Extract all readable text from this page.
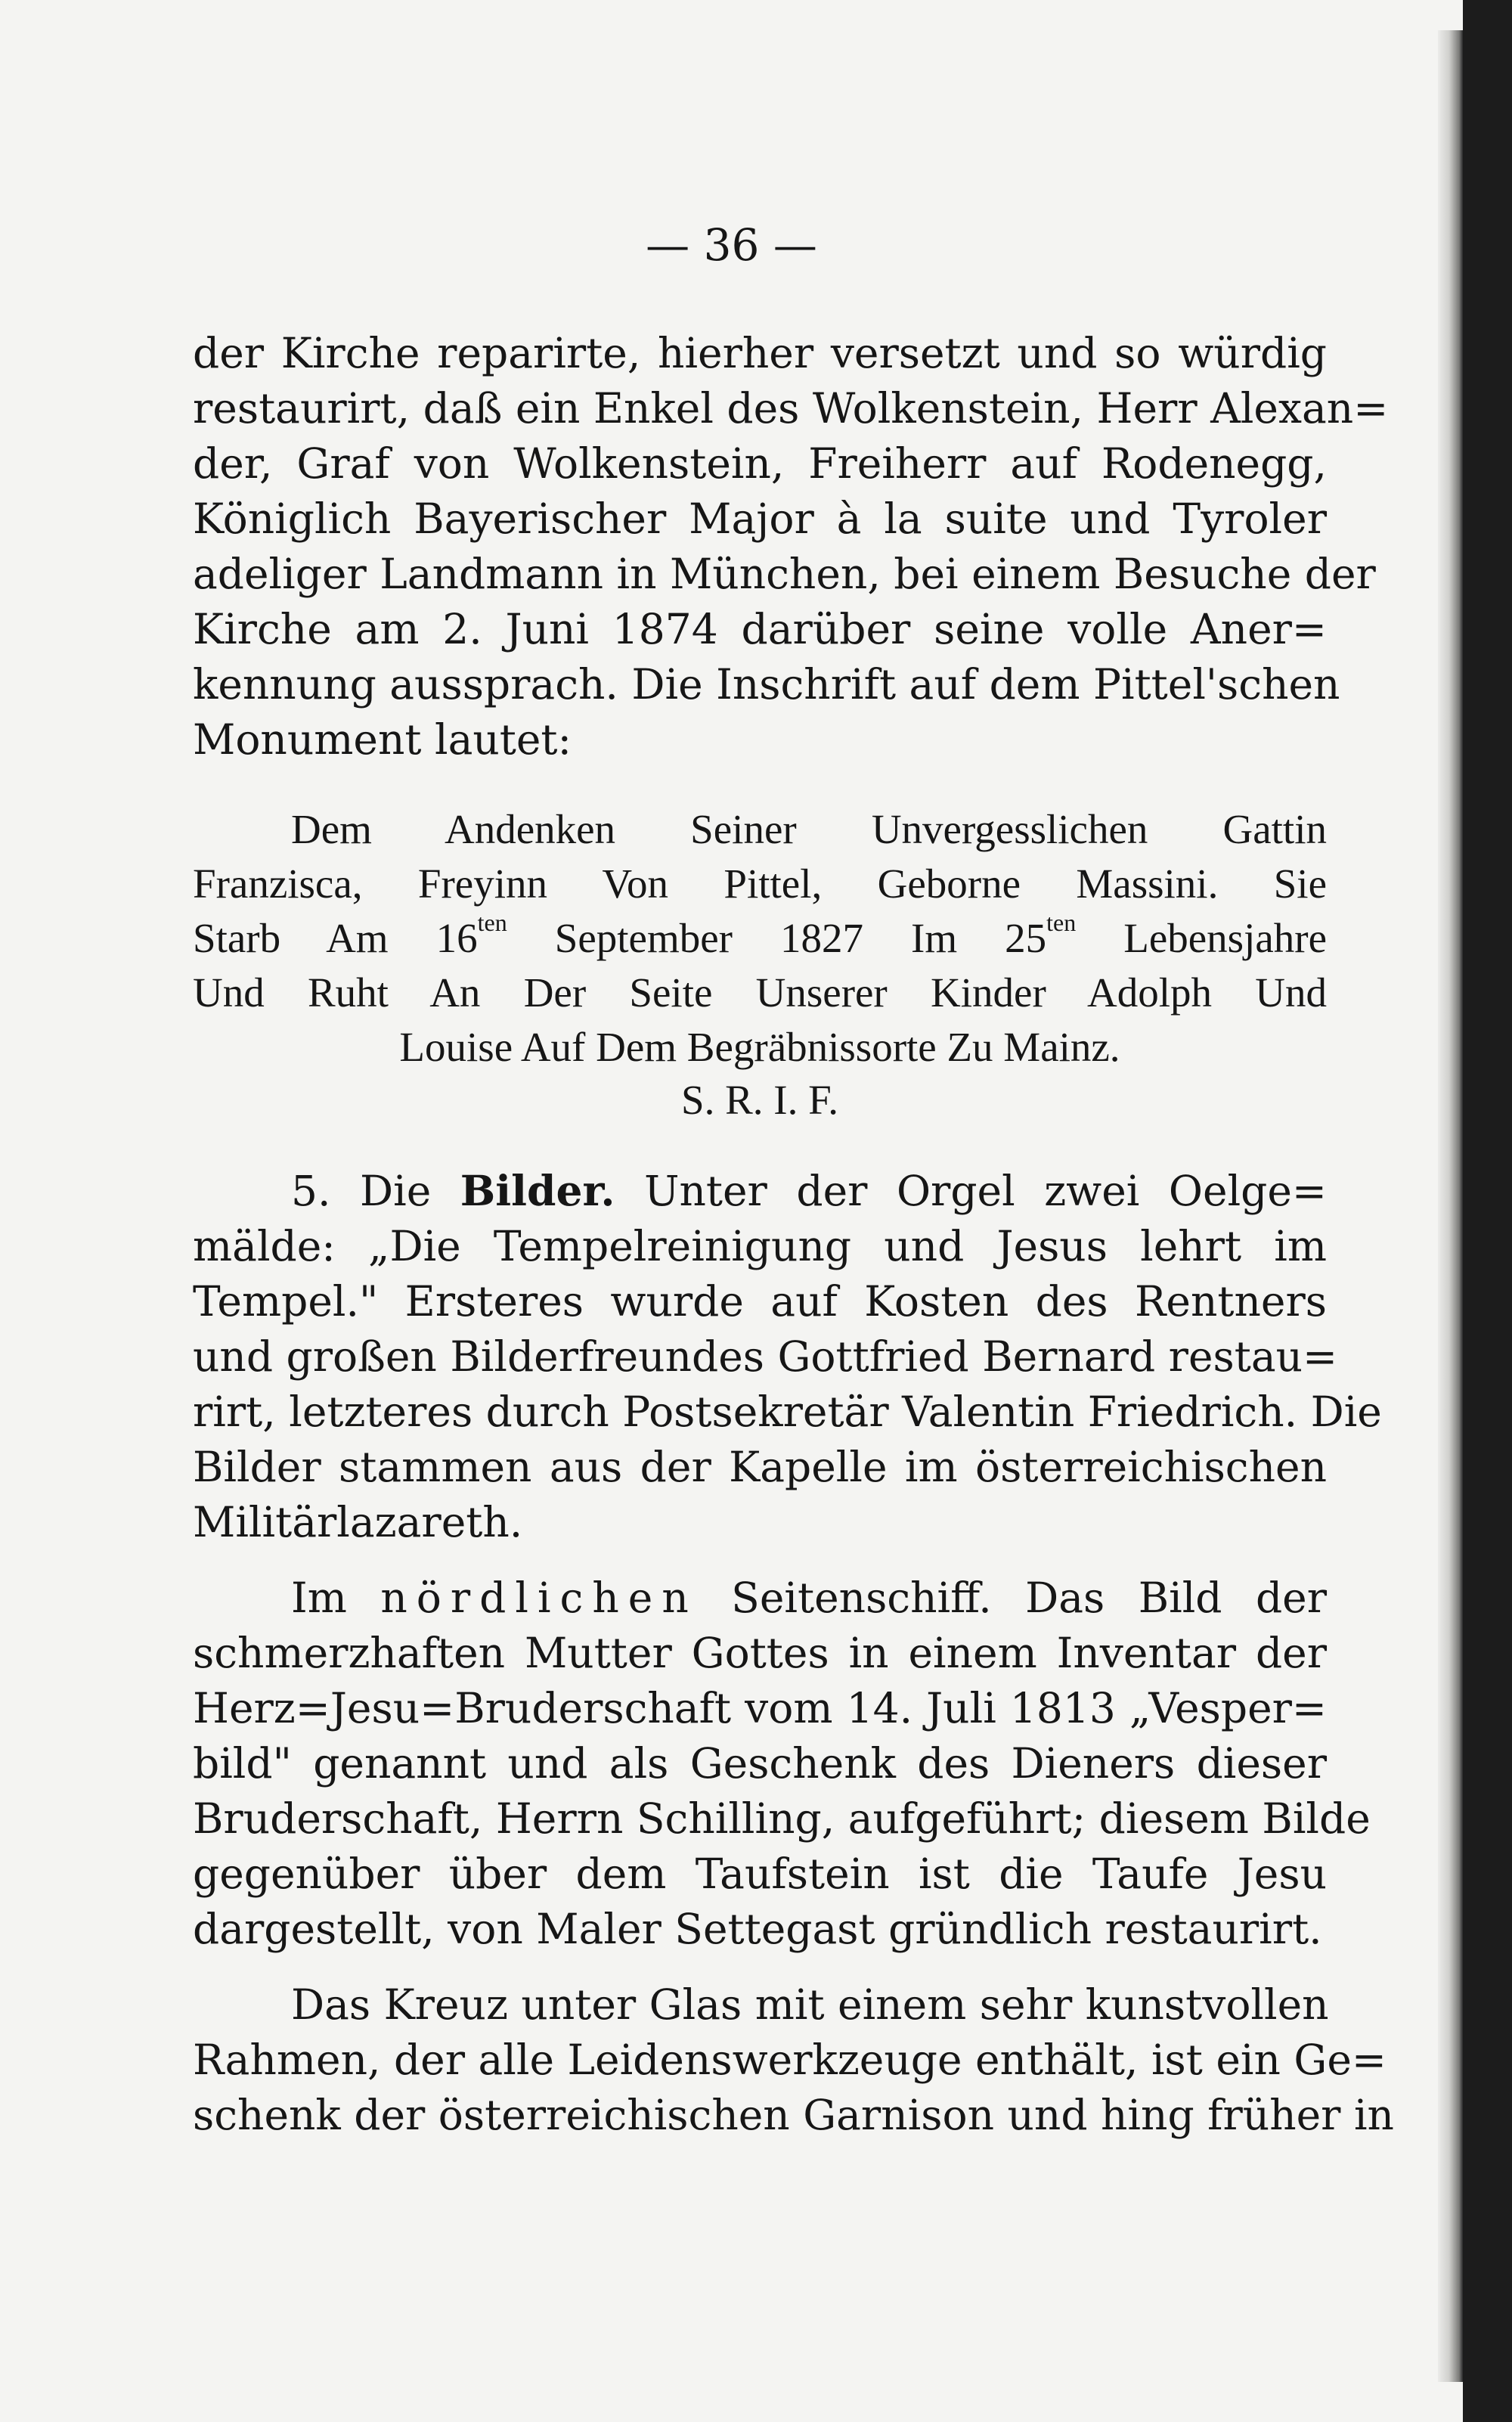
— 36 —
der Kirche reparirte, hierher versetzt und so würdig
restaurirt, daß ein Enkel des Wolkenstein, Herr Alexan=
der, Graf von Wolkenstein, Freiherr auf Rodenegg,
Königlich Bayerischer Major à la suite und Tyroler
adeliger Landmann in München, bei einem Besuche der
Kirche am 2. Juni 1874 darüber seine volle Aner=
kennung aussprach. Die Inschrift auf dem Pittel'schen
Monument lautet:
Dem Andenken Seiner Unvergesslichen Gattin
Franzisca, Freyinn Von Pittel, Geborne Massini. Sie
Starb Am $16^{ten}$ September 1827 Im $25^{ten}$ Lebensjahre
Und Ruht An Der Seite Unserer Kinder Adolph Und
Louise Auf Dem Begräbnissorte Zu Mainz.
S. R. I. F.
5. Die Bilder. Unter der Orgel zwei Oelge=
mälde: „Die Tempelreinigung und Jesus lehrt im
Tempel." Ersteres wurde auf Kosten des Rentners
und großen Bilderfreundes Gottfried Bernard restau=
rirt, letzteres durch Postsekretär Valentin Friedrich. Die
Bilder stammen aus der Kapelle im österreichischen
Militärlazareth.
Im nördlichen Seitenschiff. Das Bild der
schmerzhaften Mutter Gottes in einem Inventar der
Herz=Jesu=Bruderschaft vom 14. Juli 1813 „Vesper=
bild" genannt und als Geschenk des Dieners dieser
Bruderschaft, Herrn Schilling, aufgeführt; diesem Bilde
gegenüber über dem Taufstein ist die Taufe Jesu
dargestellt, von Maler Settegast gründlich restaurirt.
Das Kreuz unter Glas mit einem sehr kunstvollen
Rahmen, der alle Leidenswerkzeuge enthält, ist ein Ge=
schenk der österreichischen Garnison und hing früher in
